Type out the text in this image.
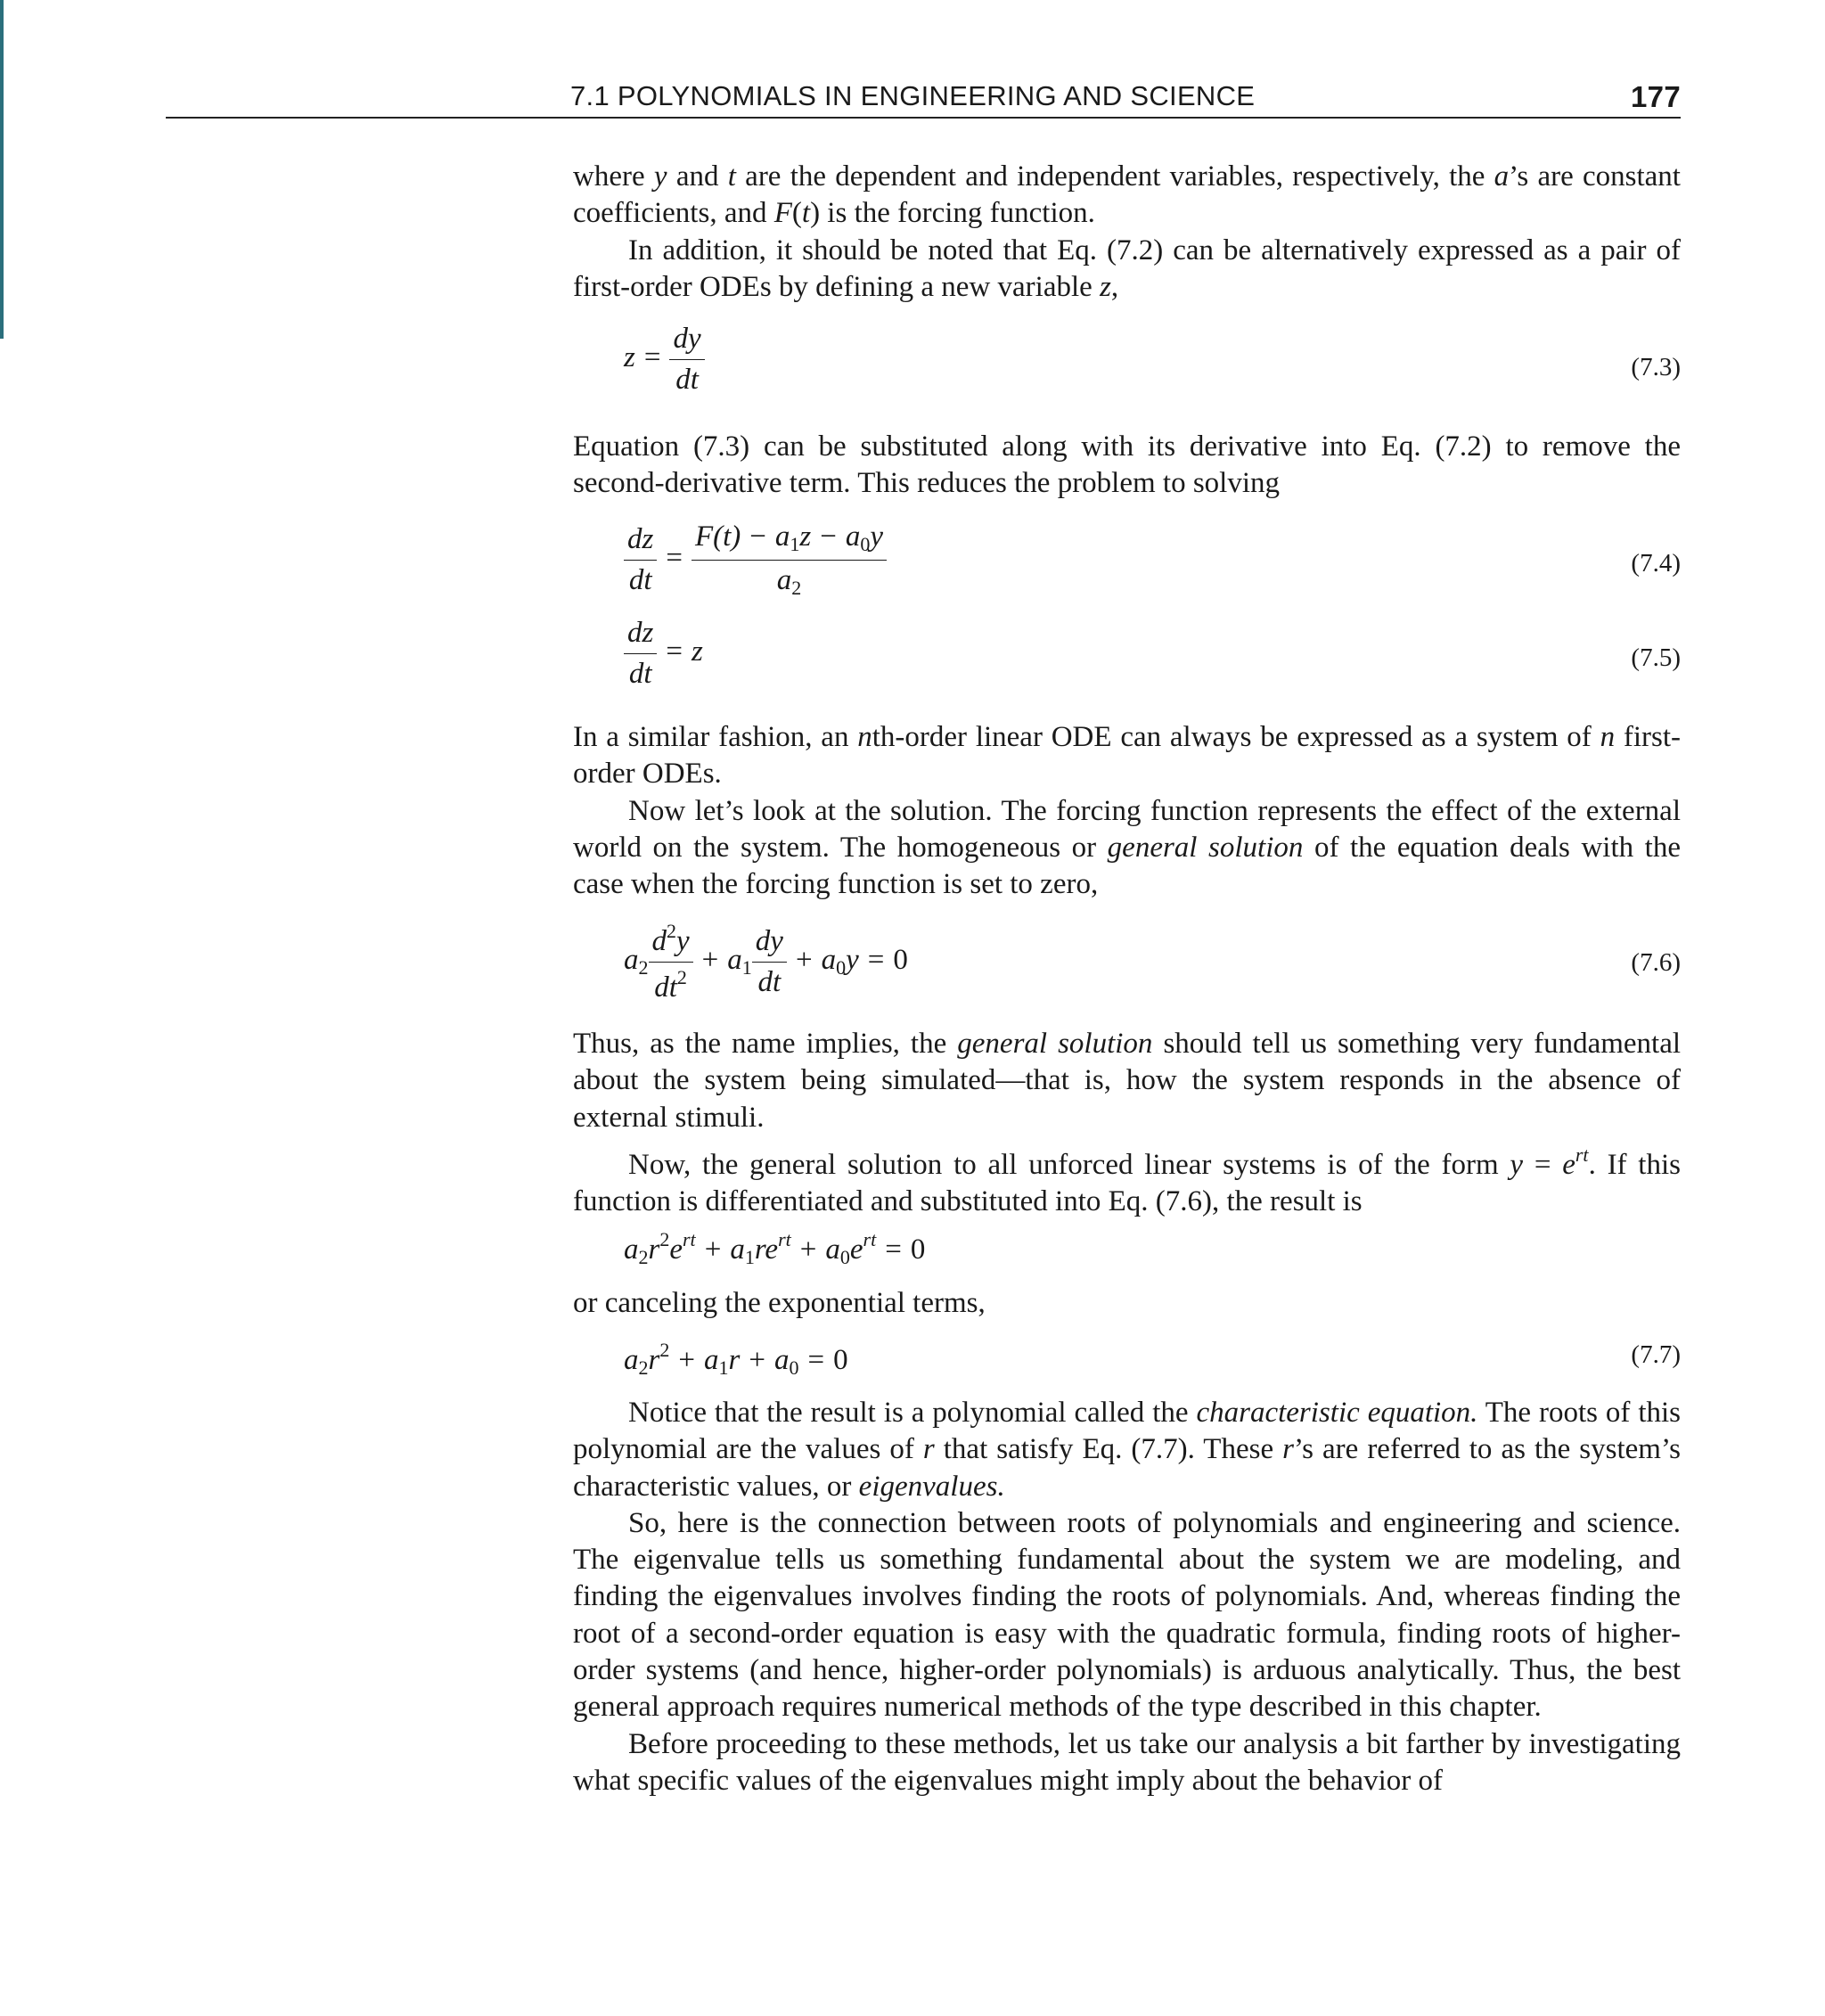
7.1 POLYNOMIALS IN ENGINEERING AND SCIENCE	177

where y and t are the dependent and independent variables, respectively, the a’s are constant coefficients, and F(t) is the forcing function.

In addition, it should be noted that Eq. (7.2) can be alternatively expressed as a pair of first-order ODEs by defining a new variable z,

$z = \frac{dy}{dt}$	(7.3)

Equation (7.3) can be substituted along with its derivative into Eq. (7.2) to remove the second-derivative term. This reduces the problem to solving

$\frac{dz}{dt} = \frac{F(t) - a_1z - a_0y}{a_2}$	(7.4)
$\frac{dz}{dt} = z$	(7.5)

In a similar fashion, an nth-order linear ODE can always be expressed as a system of n first-order ODEs.

Now let’s look at the solution. The forcing function represents the effect of the external world on the system. The homogeneous or general solution of the equation deals with the case when the forcing function is set to zero,

$a_2 \frac{d^2y}{dt^2} + a_1 \frac{dy}{dt} + a_0y = 0$	(7.6)

Thus, as the name implies, the general solution should tell us something very fundamental about the system being simulated—that is, how the system responds in the absence of external stimuli.

Now, the general solution to all unforced linear systems is of the form $y = e^{rt}$. If this function is differentiated and substituted into Eq. (7.6), the result is

$a_2r^2e^{rt} + a_1re^{rt} + a_0e^{rt} = 0$

or canceling the exponential terms,

$a_2r^2 + a_1r + a_0 = 0$	(7.7)

Notice that the result is a polynomial called the characteristic equation. The roots of this polynomial are the values of r that satisfy Eq. (7.7). These r’s are referred to as the system’s characteristic values, or eigenvalues.

So, here is the connection between roots of polynomials and engineering and science. The eigenvalue tells us something fundamental about the system we are modeling, and finding the eigenvalues involves finding the roots of polynomials. And, whereas finding the root of a second-order equation is easy with the quadratic formula, finding roots of higher-order systems (and hence, higher-order polynomials) is arduous analytically. Thus, the best general approach requires numerical methods of the type described in this chapter.

Before proceeding to these methods, let us take our analysis a bit farther by investigating what specific values of the eigenvalues might imply about the behavior of
